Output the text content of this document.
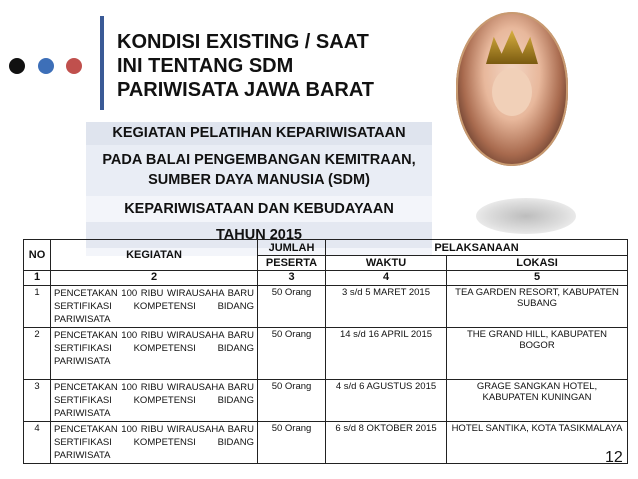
KONDISI EXISTING / SAAT
INI TENTANG SDM
PARIWISATA JAWA BARAT
KEGIATAN PELATIHAN KEPARIWISATAAN
PADA BALAI PENGEMBANGAN KEMITRAAN,
SUMBER DAYA MANUSIA (SDM)
KEPARIWISATAAN DAN KEBUDAYAAN
TAHUN 2015
NO	KEGIATAN	JUMLAH	PELAKSANAAN	
		PESERTA	WAKTU	LOKASI
1	2	3	4	5
1	PENCETAKAN 100 RIBU WIRAUSAHA BARU SERTIFIKASI KOMPETENSI BIDANG PARIWISATA	50 Orang	3 s/d 5 MARET 2015	TEA GARDEN RESORT, KABUPATEN SUBANG
2	PENCETAKAN 100 RIBU WIRAUSAHA BARU SERTIFIKASI KOMPETENSI BIDANG PARIWISATA	50 Orang	14 s/d 16 APRIL 2015	THE GRAND HILL, KABUPATEN BOGOR
3	PENCETAKAN 100 RIBU WIRAUSAHA BARU SERTIFIKASI KOMPETENSI BIDANG PARIWISATA	50 Orang	4 s/d 6 AGUSTUS 2015	GRAGE SANGKAN HOTEL, KABUPATEN KUNINGAN
4	PENCETAKAN 100 RIBU WIRAUSAHA BARU SERTIFIKASI KOMPETENSI BIDANG PARIWISATA	50 Orang	6 s/d 8 OKTOBER 2015	HOTEL SANTIKA, KOTA TASIKMALAYA
12
